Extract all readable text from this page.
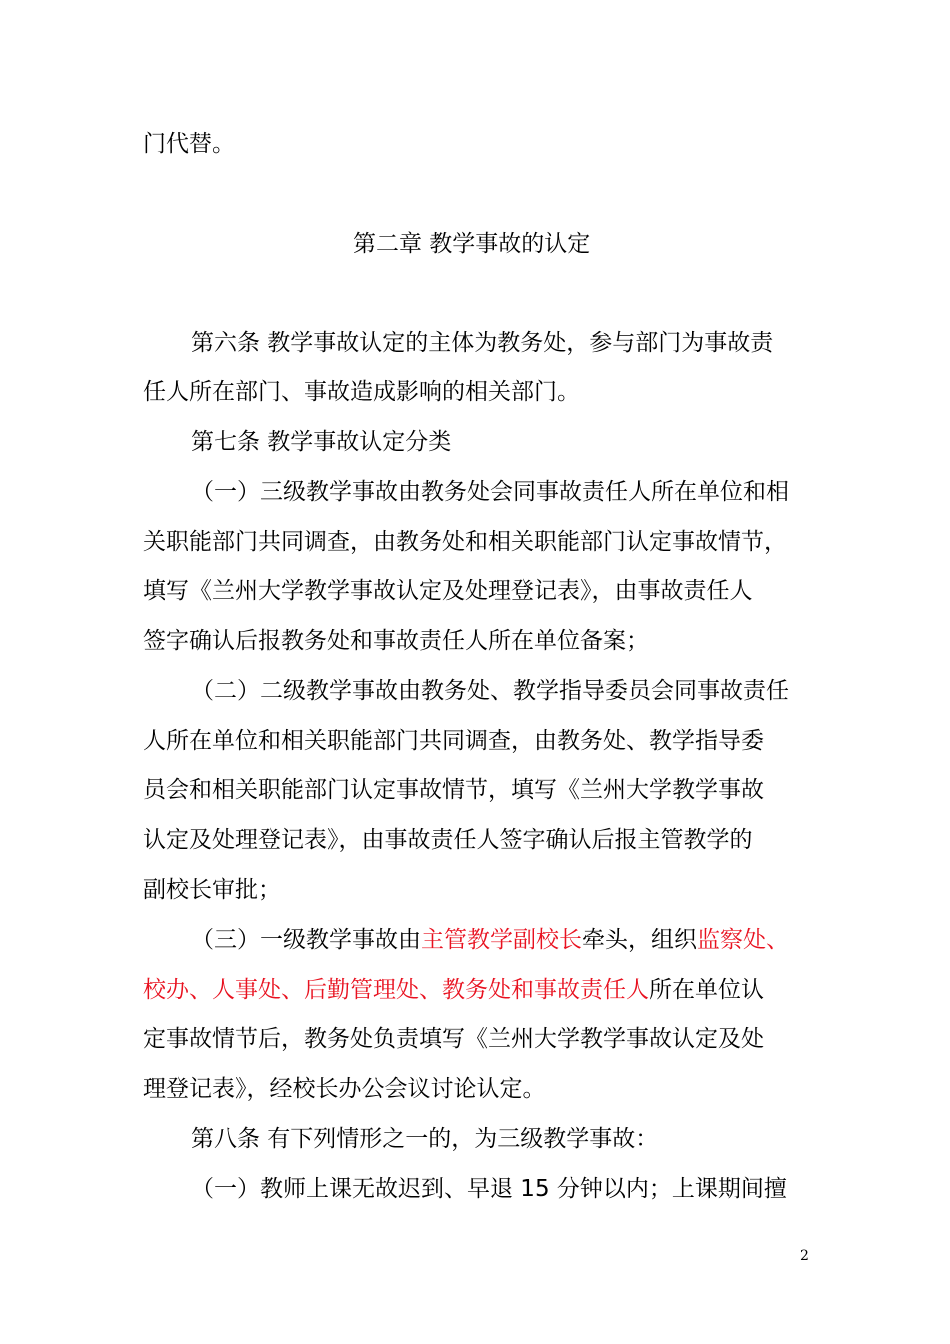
门代替。
第二章 教学事故的认定
第六条 教学事故认定的主体为教务处，参与部门为事故责
任人所在部门、事故造成影响的相关部门。
第七条 教学事故认定分类
（一）三级教学事故由教务处会同事故责任人所在单位和相
关职能部门共同调查，由教务处和相关职能部门认定事故情节，
填写《兰州大学教学事故认定及处理登记表》，由事故责任人
签字确认后报教务处和事故责任人所在单位备案；
（二）二级教学事故由教务处、教学指导委员会同事故责任
人所在单位和相关职能部门共同调查，由教务处、教学指导委
员会和相关职能部门认定事故情节，填写《兰州大学教学事故
认定及处理登记表》，由事故责任人签字确认后报主管教学的
副校长审批；
（三）一级教学事故由主管教学副校长牵头，组织监察处、
校办、人事处、后勤管理处、教务处和事故责任人所在单位认
定事故情节后，教务处负责填写《兰州大学教学事故认定及处
理登记表》，经校长办公会议讨论认定。
第八条 有下列情形之一的，为三级教学事故：
（一）教师上课无故迟到、早退 15 分钟以内；上课期间擅
2
